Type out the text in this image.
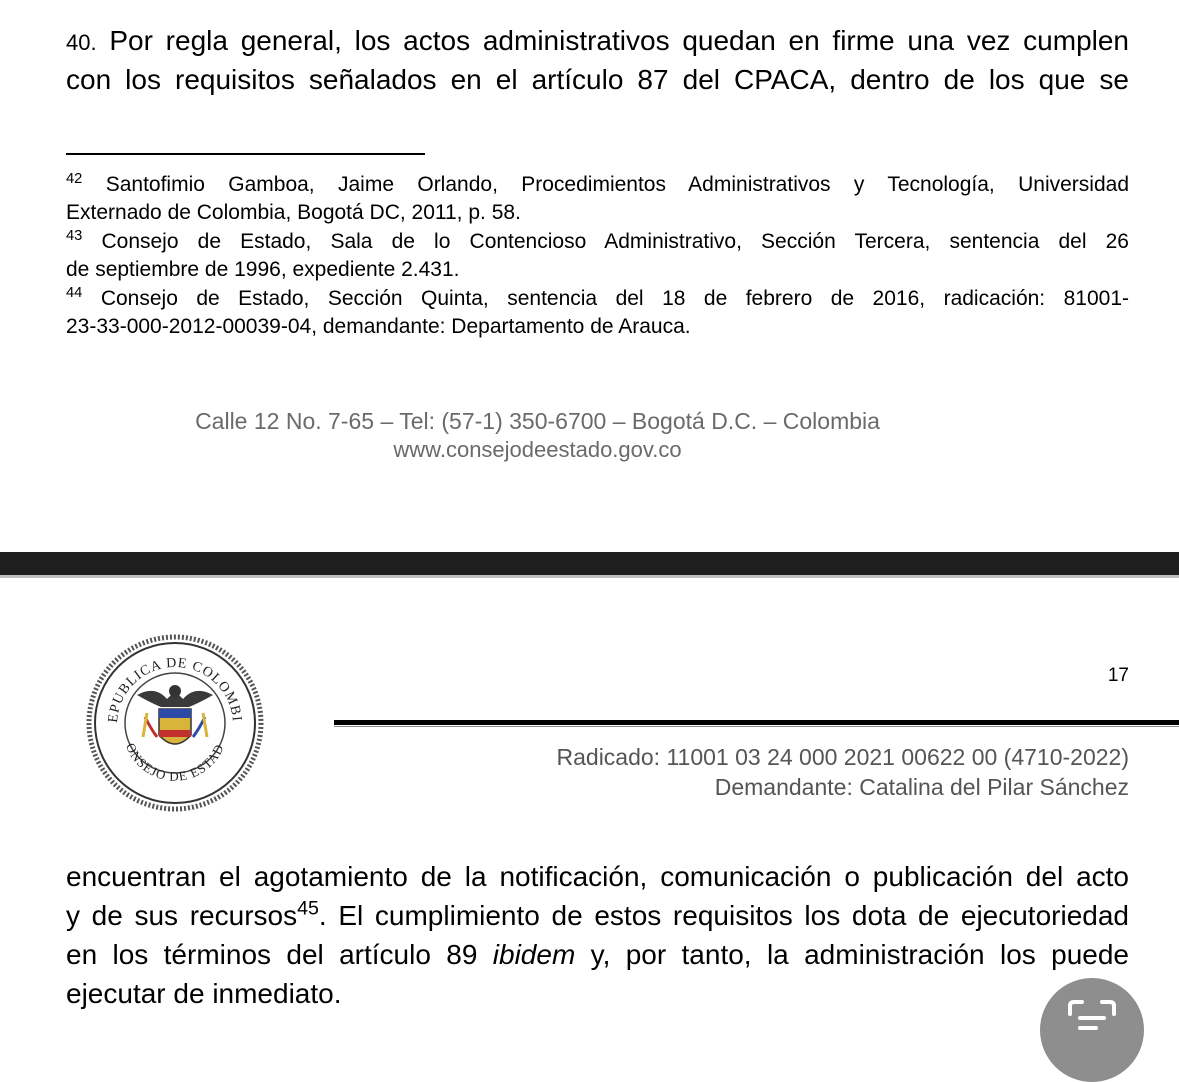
40. Por regla general, los actos administrativos quedan en firme una vez cumplen
con los requisitos señalados en el artículo 87 del CPACA, dentro de los que se
$^{42}$ Santofimio Gamboa, Jaime Orlando, Procedimientos Administrativos y Tecnología, Universidad
Externado de Colombia, Bogotá DC, 2011, p. 58.
$^{43}$ Consejo de Estado, Sala de lo Contencioso Administrativo, Sección Tercera, sentencia del 26
de septiembre de 1996, expediente 2.431.
$^{44}$ Consejo de Estado, Sección Quinta, sentencia del 18 de febrero de 2016, radicación: 81001-
23-33-000-2012-00039-04, demandante: Departamento de Arauca.
Calle 12 No. 7-65 – Tel: (57-1) 350-6700 – Bogotá D.C. – Colombia
www.consejodeestado.gov.co
EPUBLICA DE COLOMBI
ONSEJO DE ESTAD
17
Radicado: 11001 03 24 000 2021 00622 00 (4710-2022)
Demandante: Catalina del Pilar Sánchez
encuentran el agotamiento de la notificación, comunicación o publicación del acto
y de sus recursos$^{45}$. El cumplimiento de estos requisitos los dota de ejecutoriedad
en los términos del artículo 89 ibidem y, por tanto, la administración los puede
ejecutar de inmediato.
